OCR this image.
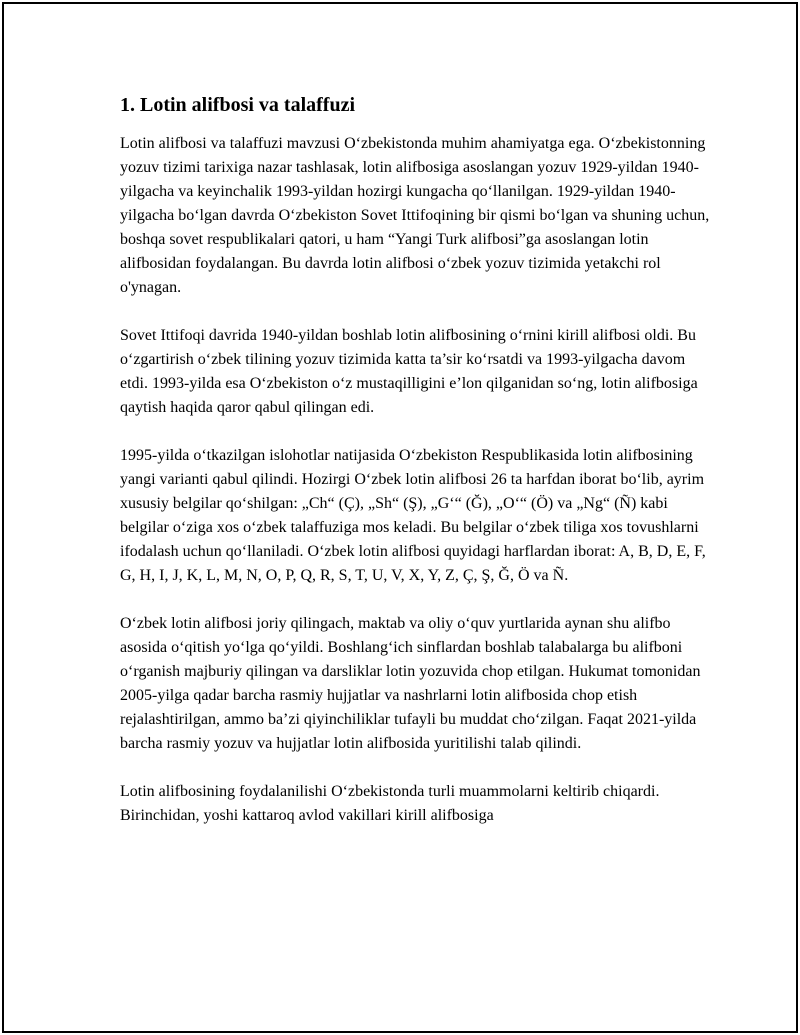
1. Lotin alifbosi va talaffuzi

Lotin alifbosi va talaffuzi mavzusi O‘zbekistonda muhim ahamiyatga ega. O‘zbekistonning yozuv tizimi tarixiga nazar tashlasak, lotin alifbosiga asoslangan yozuv 1929-yildan 1940-yilgacha va keyinchalik 1993-yildan hozirgi kungacha qo‘llanilgan. 1929-yildan 1940-yilgacha bo‘lgan davrda O‘zbekiston Sovet Ittifoqining bir qismi bo‘lgan va shuning uchun, boshqa sovet respublikalari qatori, u ham “Yangi Turk alifbosi”ga asoslangan lotin alifbosidan foydalangan. Bu davrda lotin alifbosi o‘zbek yozuv tizimida yetakchi rol o'ynagan.

Sovet Ittifoqi davrida 1940-yildan boshlab lotin alifbosining o‘rnini kirill alifbosi oldi. Bu o‘zgartirish o‘zbek tilining yozuv tizimida katta ta’sir ko‘rsatdi va 1993-yilgacha davom etdi. 1993-yilda esa O‘zbekiston o‘z mustaqilligini e’lon qilganidan so‘ng, lotin alifbosiga qaytish haqida qaror qabul qilingan edi.

1995-yilda o‘tkazilgan islohotlar natijasida O‘zbekiston Respublikasida lotin alifbosining yangi varianti qabul qilindi. Hozirgi O‘zbek lotin alifbosi 26 ta harfdan iborat bo‘lib, ayrim xususiy belgilar qo‘shilgan: „Ch“ (Ç), „Sh“ (Ş), „G‘“ (Ğ), „O‘“ (Ö) va „Ng“ (Ñ) kabi belgilar o‘ziga xos o‘zbek talaffuziga mos keladi. Bu belgilar o‘zbek tiliga xos tovushlarni ifodalash uchun qo‘llaniladi. O‘zbek lotin alifbosi quyidagi harflardan iborat: A, B, D, E, F, G, H, I, J, K, L, M, N, O, P, Q, R, S, T, U, V, X, Y, Z, Ç, Ş, Ğ, Ö va Ñ.

O‘zbek lotin alifbosi joriy qilingach, maktab va oliy o‘quv yurtlarida aynan shu alifbo asosida o‘qitish yo‘lga qo‘yildi. Boshlang‘ich sinflardan boshlab talabalarga bu alifboni o‘rganish majburiy qilingan va darsliklar lotin yozuvida chop etilgan. Hukumat tomonidan 2005-yilga qadar barcha rasmiy hujjatlar va nashrlarni lotin alifbosida chop etish rejalashtirilgan, ammo ba’zi qiyinchiliklar tufayli bu muddat cho‘zilgan. Faqat 2021-yilda barcha rasmiy yozuv va hujjatlar lotin alifbosida yuritilishi talab qilindi.

Lotin alifbosining foydalanilishi O‘zbekistonda turli muammolarni keltirib chiqardi. Birinchidan, yoshi kattaroq avlod vakillari kirill alifbosiga
